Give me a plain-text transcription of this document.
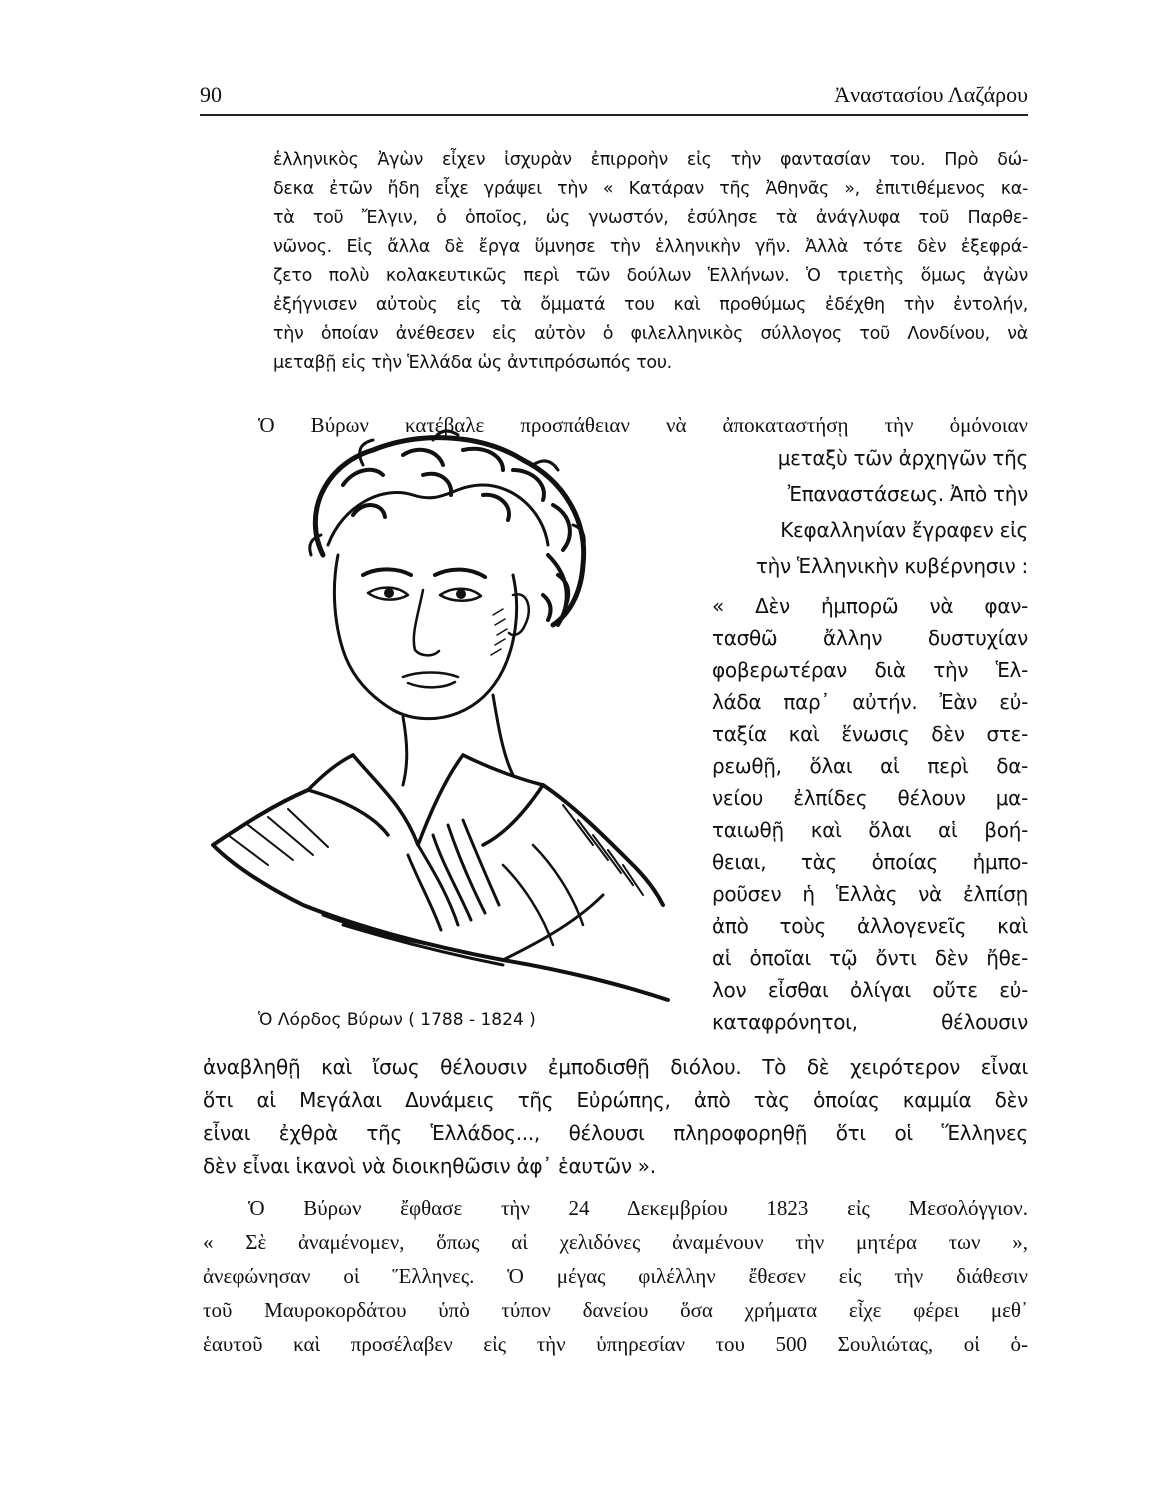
90	Ἀναστασίου Λαζάρου
ἑλληνικὸς Ἀγὼν εἶχεν ἰσχυρὰν ἐπιρροὴν εἰς τὴν φαντασίαν του. Πρὸ δώ-
δεκα ἐτῶν ἤδη εἶχε γράψει τὴν « Κατάραν τῆς Ἀθηνᾶς », ἐπιτιθέμενος κα-
τὰ τοῦ Ἔλγιν, ὁ ὁποῖος, ὡς γνωστόν, ἐσύλησε τὰ ἀνάγλυφα τοῦ Παρθε-
νῶνος. Εἰς ἄλλα δὲ ἔργα ὕμνησε τὴν ἑλληνικὴν γῆν. Ἀλλὰ τότε δὲν ἐξεφρά-
ζετο πολὺ κολακευτικῶς περὶ τῶν δούλων Ἑλλήνων. Ὁ τριετὴς ὅμως ἀγὼν
ἐξήγνισεν αὐτοὺς εἰς τὰ ὄμματά του καὶ προθύμως ἐδέχθη τὴν ἐντολήν,
τὴν ὁποίαν ἀνέθεσεν εἰς αὐτὸν ὁ φιλελληνικὸς σύλλογος τοῦ Λονδίνου, νὰ
μεταβῇ εἰς τὴν Ἑλλάδα ὡς ἀντιπρόσωπός του.
Ὁ Βύρων κατέβαλε προσπάθειαν νὰ ἀποκαταστήσῃ τὴν ὁμόνοιαν
μεταξὺ τῶν ἀρχηγῶν τῆς
Ἐπαναστάσεως. Ἀπὸ τὴν
Κεφαλληνίαν ἔγραφεν εἰς
τὴν Ἑλληνικὴν κυβέρνησιν :
« Δὲν ἠμπορῶ νὰ φαν-
τασθῶ ἄλλην δυστυχίαν
φοβερωτέραν διὰ τὴν Ἑλ-
λάδα παρ᾽ αὐτήν. Ἐὰν εὐ-
ταξία καὶ ἕνωσις δὲν στε-
ρεωθῇ, ὅλαι αἱ περὶ δα-
νείου ἐλπίδες θέλουν μα-
ταιωθῇ καὶ ὅλαι αἱ βοή-
θειαι, τὰς ὁποίας ἠμπο-
ροῦσεν ἡ Ἑλλὰς νὰ ἐλπίσῃ
ἀπὸ τοὺς ἀλλογενεῖς καὶ
αἱ ὁποῖαι τῷ ὄντι δὲν ἤθε-
λον εἶσθαι ὀλίγαι οὔτε εὐ-
καταφρόνητοι, θέλουσιν
Ὁ Λόρδος Βύρων ( 1788 - 1824 )
ἀναβληθῇ καὶ ἴσως θέλουσιν ἐμποδισθῇ διόλου. Τὸ δὲ χειρότερον εἶναι
ὅτι αἱ Μεγάλαι Δυνάμεις τῆς Εὐρώπης, ἀπὸ τὰς ὁποίας καμμία δὲν
εἶναι ἐχθρὰ τῆς Ἑλλάδος..., θέλουσι πληροφορηθῇ ὅτι οἱ Ἕλληνες
δὲν εἶναι ἱκανοὶ νὰ διοικηθῶσιν ἀφ᾽ ἑαυτῶν ».
Ὁ Βύρων ἔφθασε τὴν 24 Δεκεμβρίου 1823 εἰς Μεσολόγγιον.
« Σὲ ἀναμένομεν, ὅπως αἱ χελιδόνες ἀναμένουν τὴν μητέρα των »,
ἀνεφώνησαν οἱ Ἕλληνες. Ὁ μέγας φιλέλλην ἔθεσεν εἰς τὴν διάθεσιν
τοῦ Μαυροκορδάτου ὑπὸ τύπον δανείου ὅσα χρήματα εἶχε φέρει μεθ᾽
ἑαυτοῦ καὶ προσέλαβεν εἰς τὴν ὑπηρεσίαν του 500 Σουλιώτας, οἱ ὁ-
